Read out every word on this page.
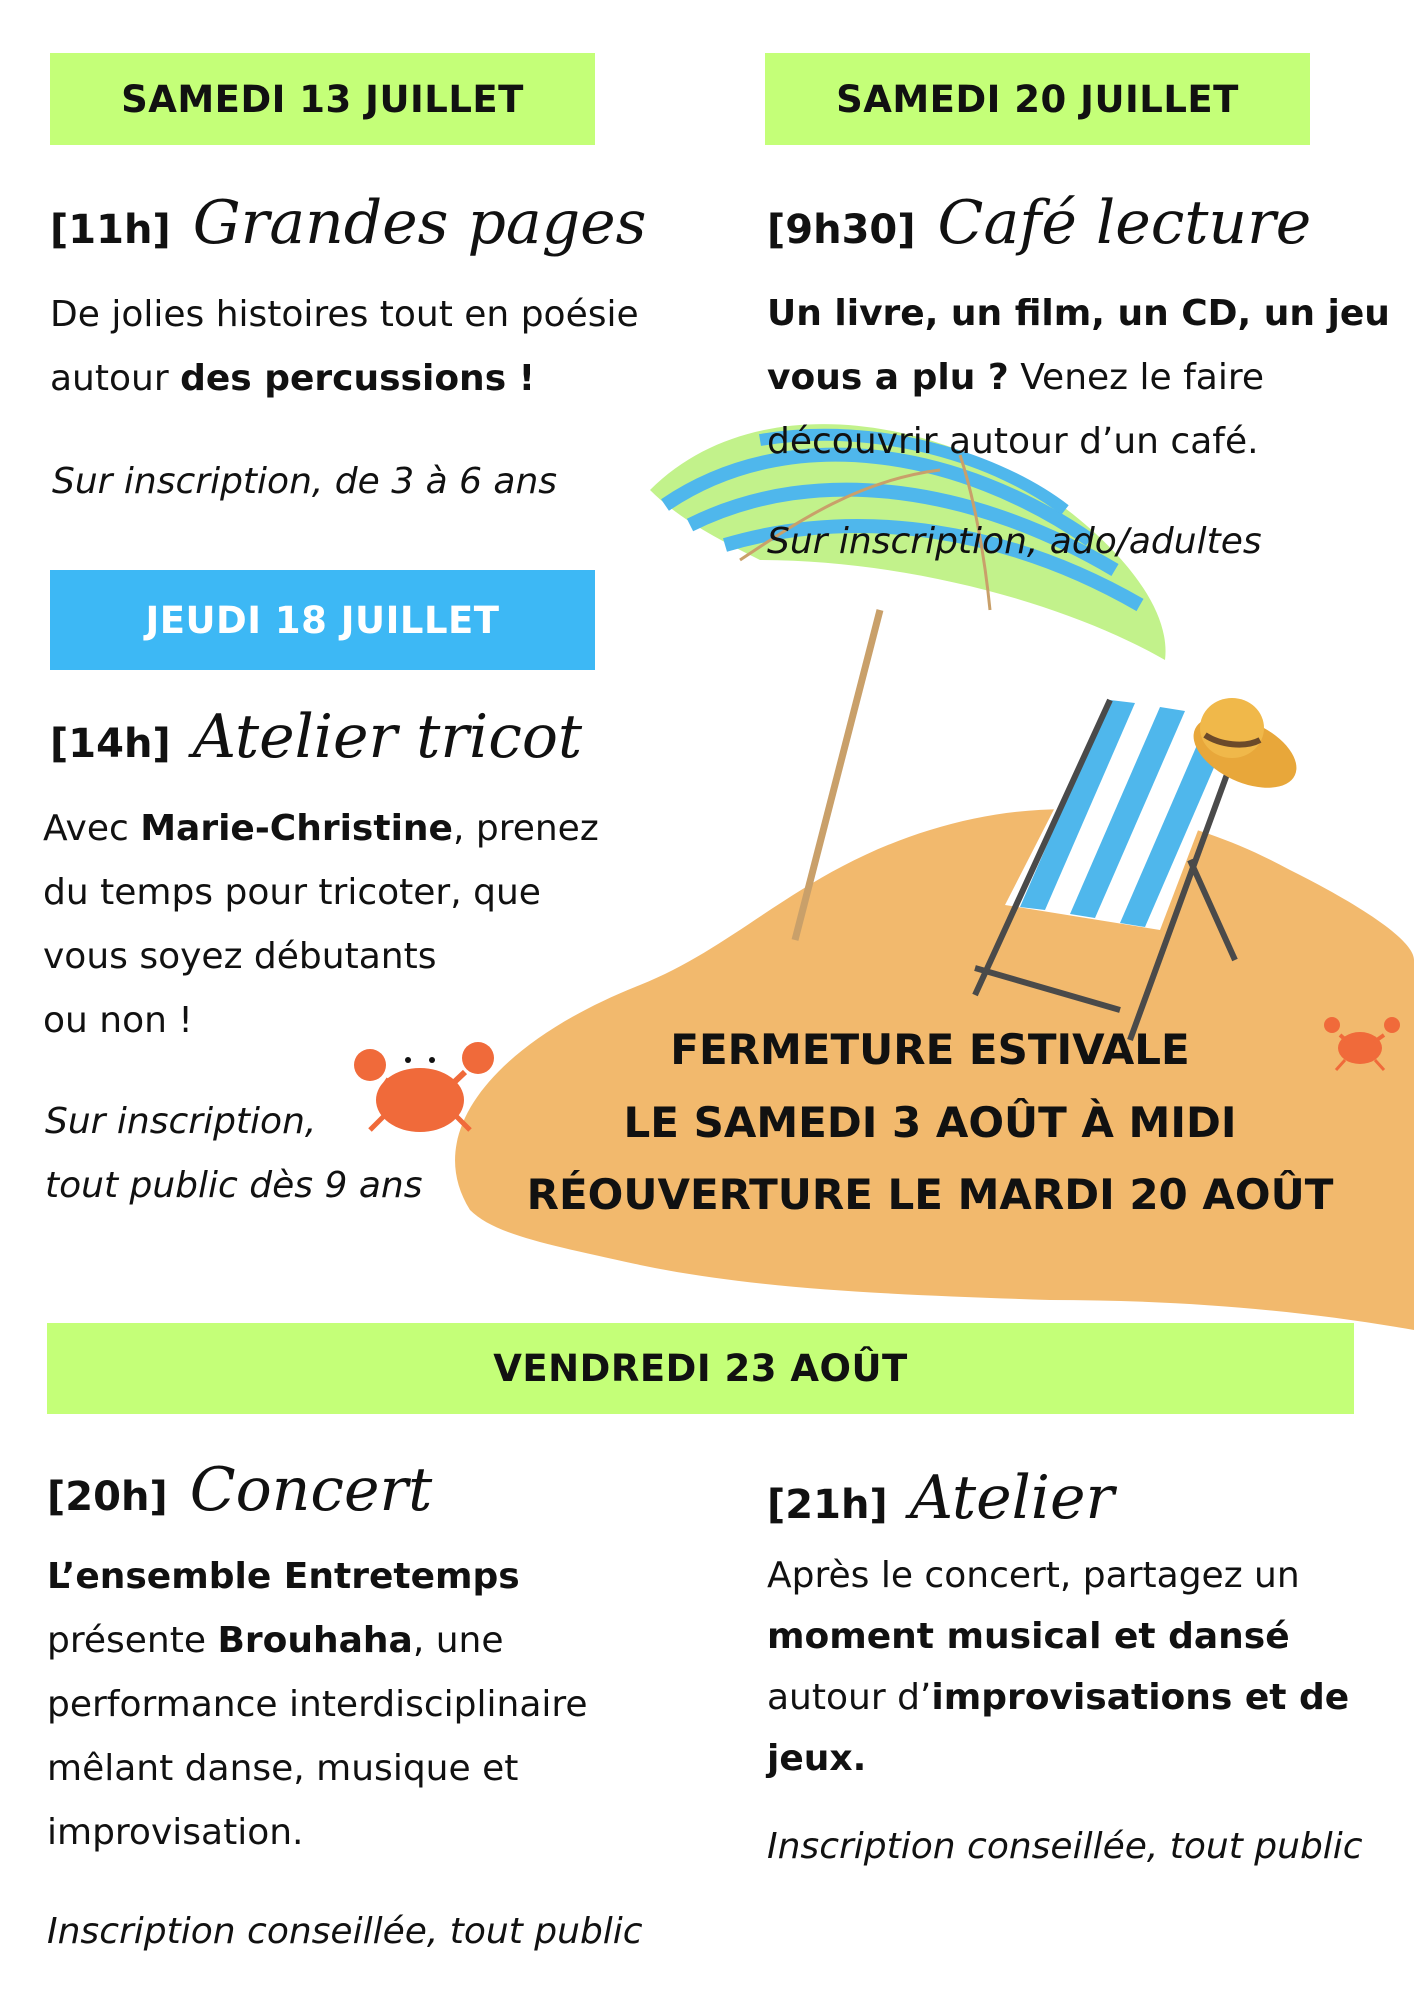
SAMEDI 13 JUILLET	SAMEDI 20 JUILLET
JEUDI 18 JUILLET
VENDREDI 23 AOÛT
[11h] Grandes pages
De jolies histoires tout en poésie
autour des percussions !
Sur inscription, de 3 à 6 ans
[9h30] Café lecture
Un livre, un film, un CD, un jeu
vous a plu ? Venez le faire
découvrir autour d’un café.
Sur inscription, ado/adultes
[14h] Atelier tricot
Avec Marie-Christine, prenez
du temps pour tricoter, que
vous soyez débutants
ou non !
Sur inscription,
tout public dès 9 ans
FERMETURE ESTIVALE
LE SAMEDI 3 AOÛT À MIDI
RÉOUVERTURE LE MARDI 20 AOÛT
[20h] Concert
L’ensemble Entretemps
présente Brouhaha, une
performance interdisciplinaire
mêlant danse, musique et
improvisation.
Inscription conseillée, tout public
[21h] Atelier
Après le concert, partagez un
moment musical et dansé
autour d’improvisations et de
jeux.
Inscription conseillée, tout public
